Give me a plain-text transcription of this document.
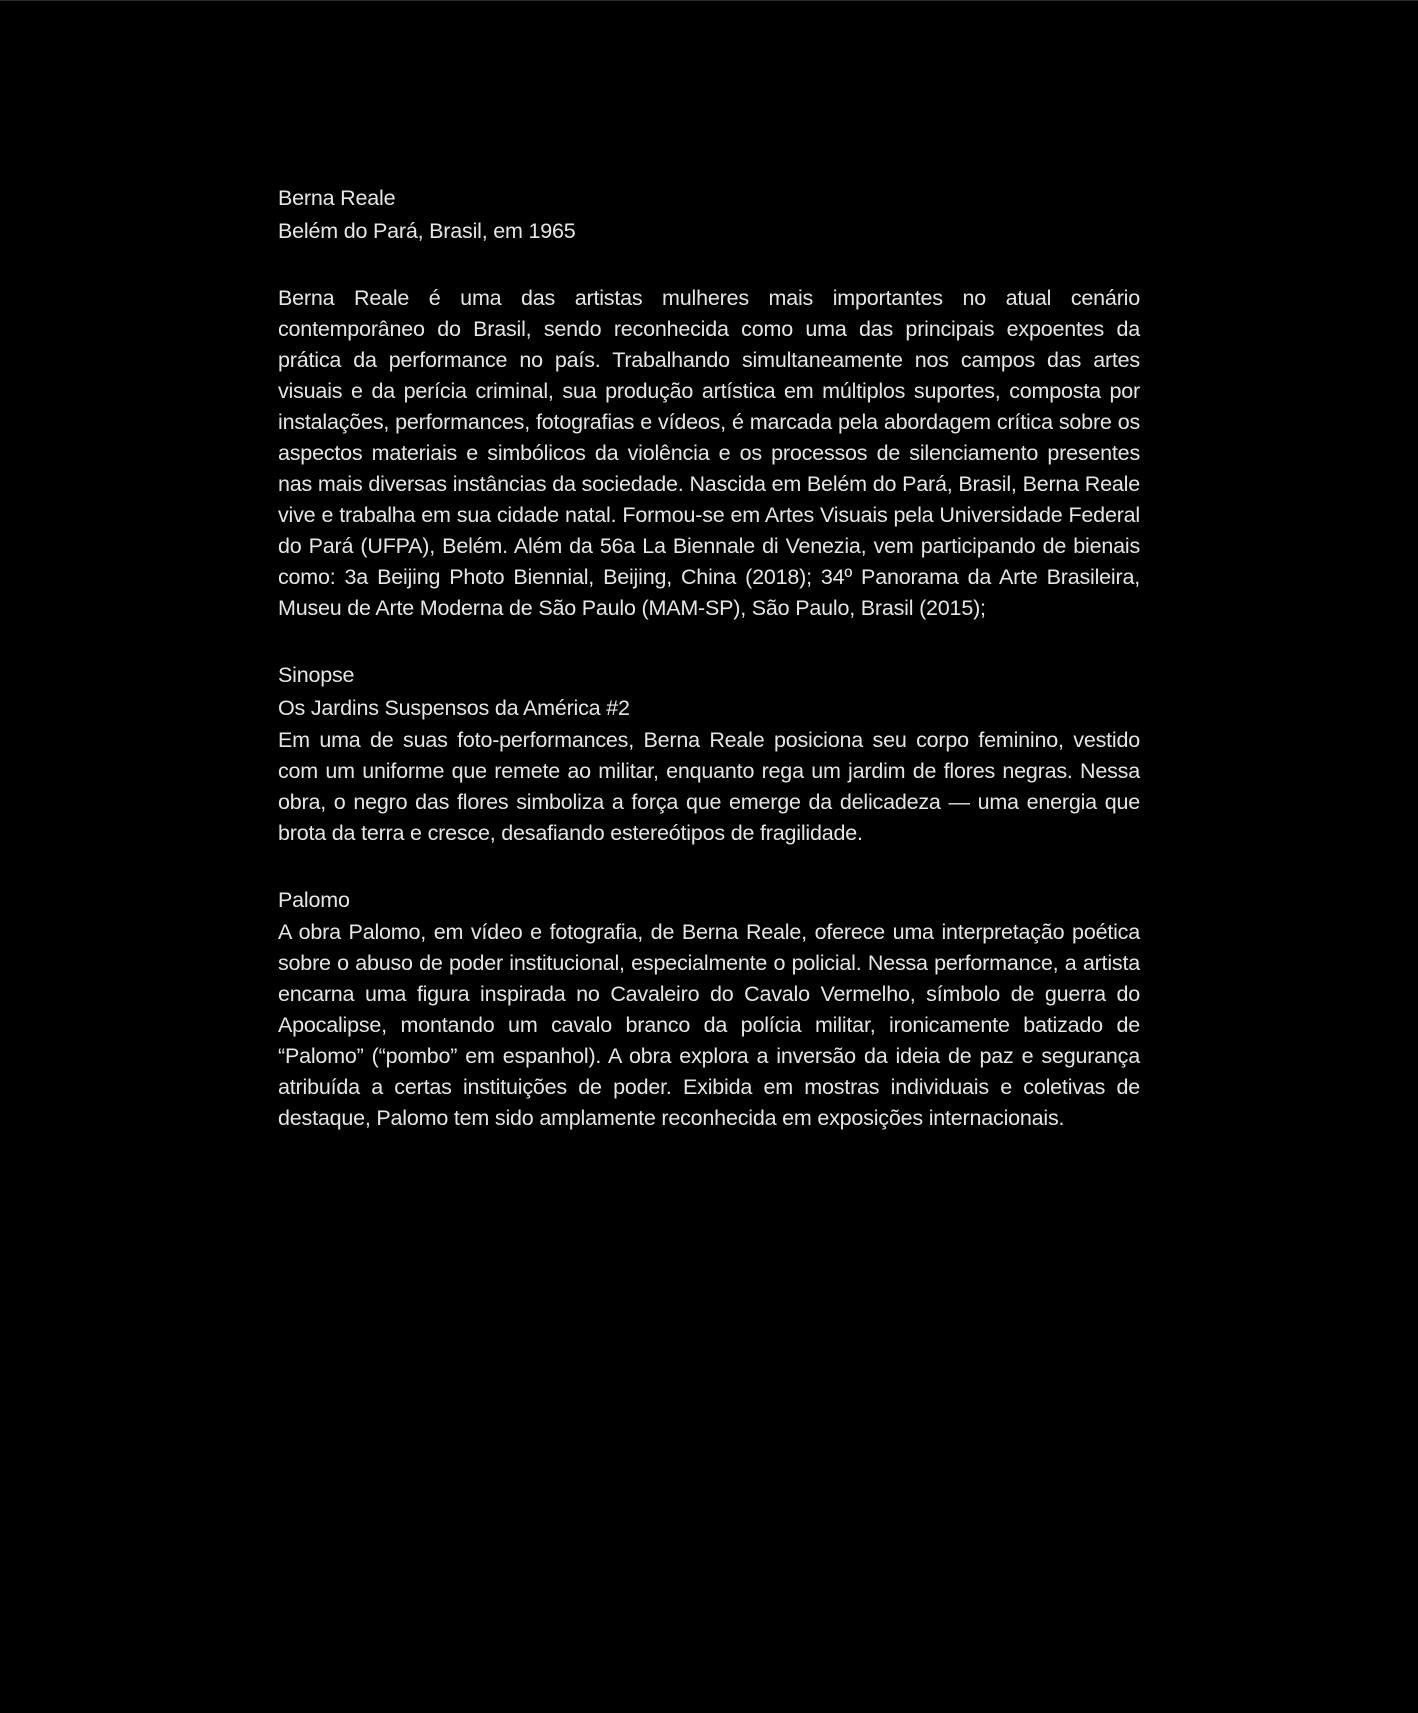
Berna Reale
Belém do Pará, Brasil, em 1965

Berna Reale é uma das artistas mulheres mais importantes no atual cenário contemporâneo do Brasil, sendo reconhecida como uma das principais expoentes da prática da performance no país. Trabalhando simultaneamente nos campos das artes visuais e da perícia criminal, sua produção artística em múltiplos suportes, composta por instalações, performances, fotografias e vídeos, é marcada pela abordagem crítica sobre os aspectos materiais e simbólicos da violência e os processos de silenciamento presentes nas mais diversas instâncias da sociedade. Nascida em Belém do Pará, Brasil, Berna Reale vive e trabalha em sua cidade natal. Formou-se em Artes Visuais pela Universidade Federal do Pará (UFPA), Belém. Além da 56a La Biennale di Venezia, vem participando de bienais como: 3a Beijing Photo Biennial, Beijing, China (2018); 34º Panorama da Arte Brasileira, Museu de Arte Moderna de São Paulo (MAM-SP), São Paulo, Brasil (2015);

Sinopse
Os Jardins Suspensos da América #2

Em uma de suas foto-performances, Berna Reale posiciona seu corpo feminino, vestido com um uniforme que remete ao militar, enquanto rega um jardim de flores negras. Nessa obra, o negro das flores simboliza a força que emerge da delicadeza — uma energia que brota da terra e cresce, desafiando estereótipos de fragilidade.

Palomo

A obra Palomo, em vídeo e fotografia, de Berna Reale, oferece uma interpretação poética sobre o abuso de poder institucional, especialmente o policial. Nessa performance, a artista encarna uma figura inspirada no Cavaleiro do Cavalo Vermelho, símbolo de guerra do Apocalipse, montando um cavalo branco da polícia militar, ironicamente batizado de “Palomo” (“pombo” em espanhol). A obra explora a inversão da ideia de paz e segurança atribuída a certas instituições de poder. Exibida em mostras individuais e coletivas de destaque, Palomo tem sido amplamente reconhecida em exposições internacionais.
